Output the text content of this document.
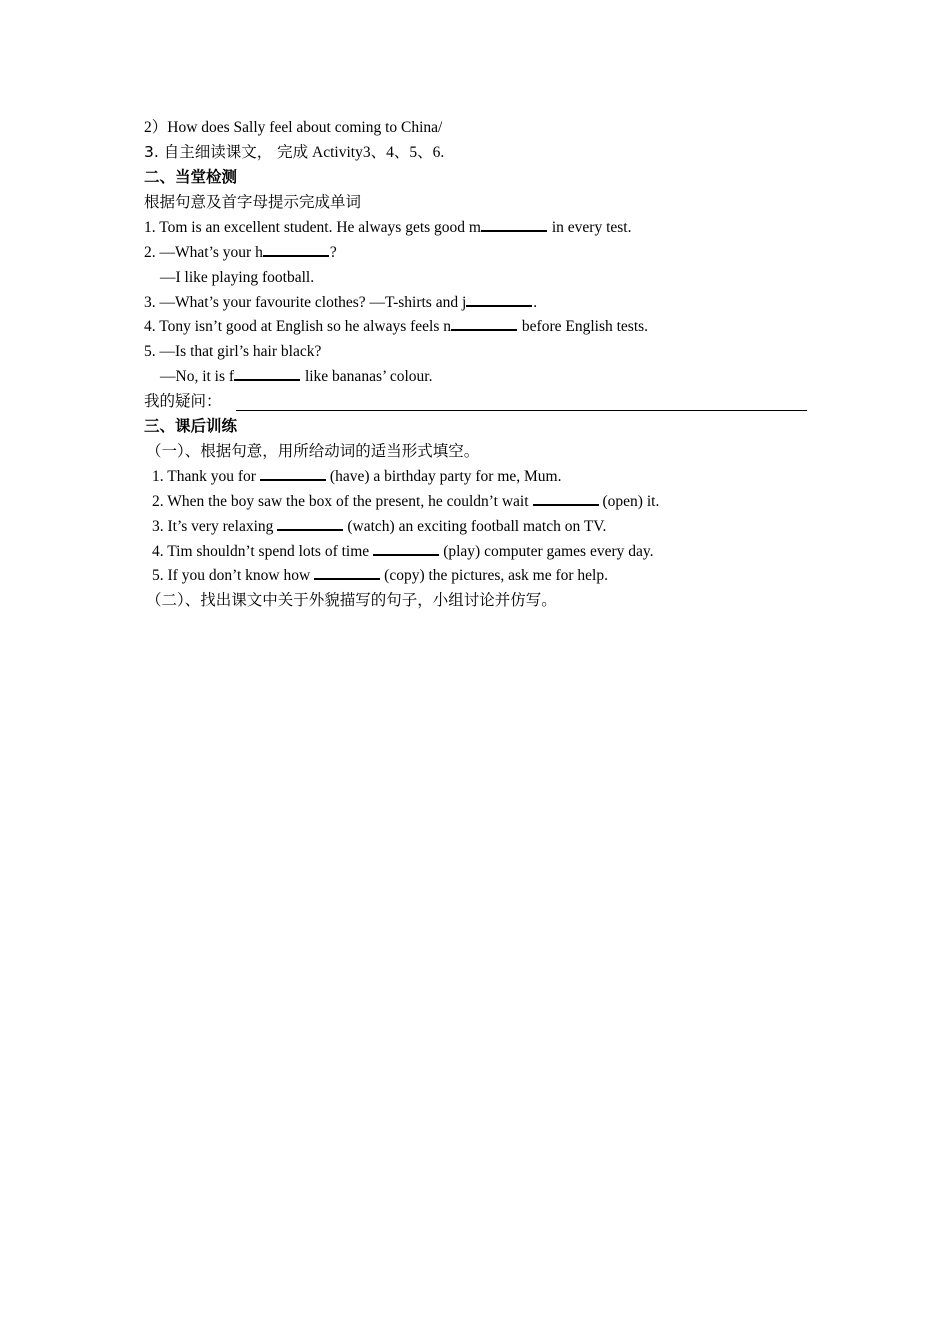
2）How does Sally feel about coming to China/
3. 自主细读课文， 完成 Activity3、4、5、6.
二、当堂检测
根据句意及首字母提示完成单词
1. Tom is an excellent student. He always gets good m	in every test.
2. —What’s your h	?
—I like playing football.
3. —What’s your favourite clothes? —T-shirts and j	.
4. Tony isn’t good at English so he always feels n	before English tests.
5. —Is that girl’s hair black?
—No, it is f	like bananas’ colour.
我的疑问：
三、课后训练
（一）、根据句意，用所给动词的适当形式填空。
1. Thank you for	(have) a birthday party for me, Mum.
2. When the boy saw the box of the present, he couldn’t wait	(open) it.
3. It’s very relaxing	(watch) an exciting football match on TV.
4. Tim shouldn’t spend lots of time	(play) computer games every day.
5. If you don’t know how	(copy) the pictures, ask me for help.
（二）、找出课文中关于外貌描写的句子，小组讨论并仿写。
